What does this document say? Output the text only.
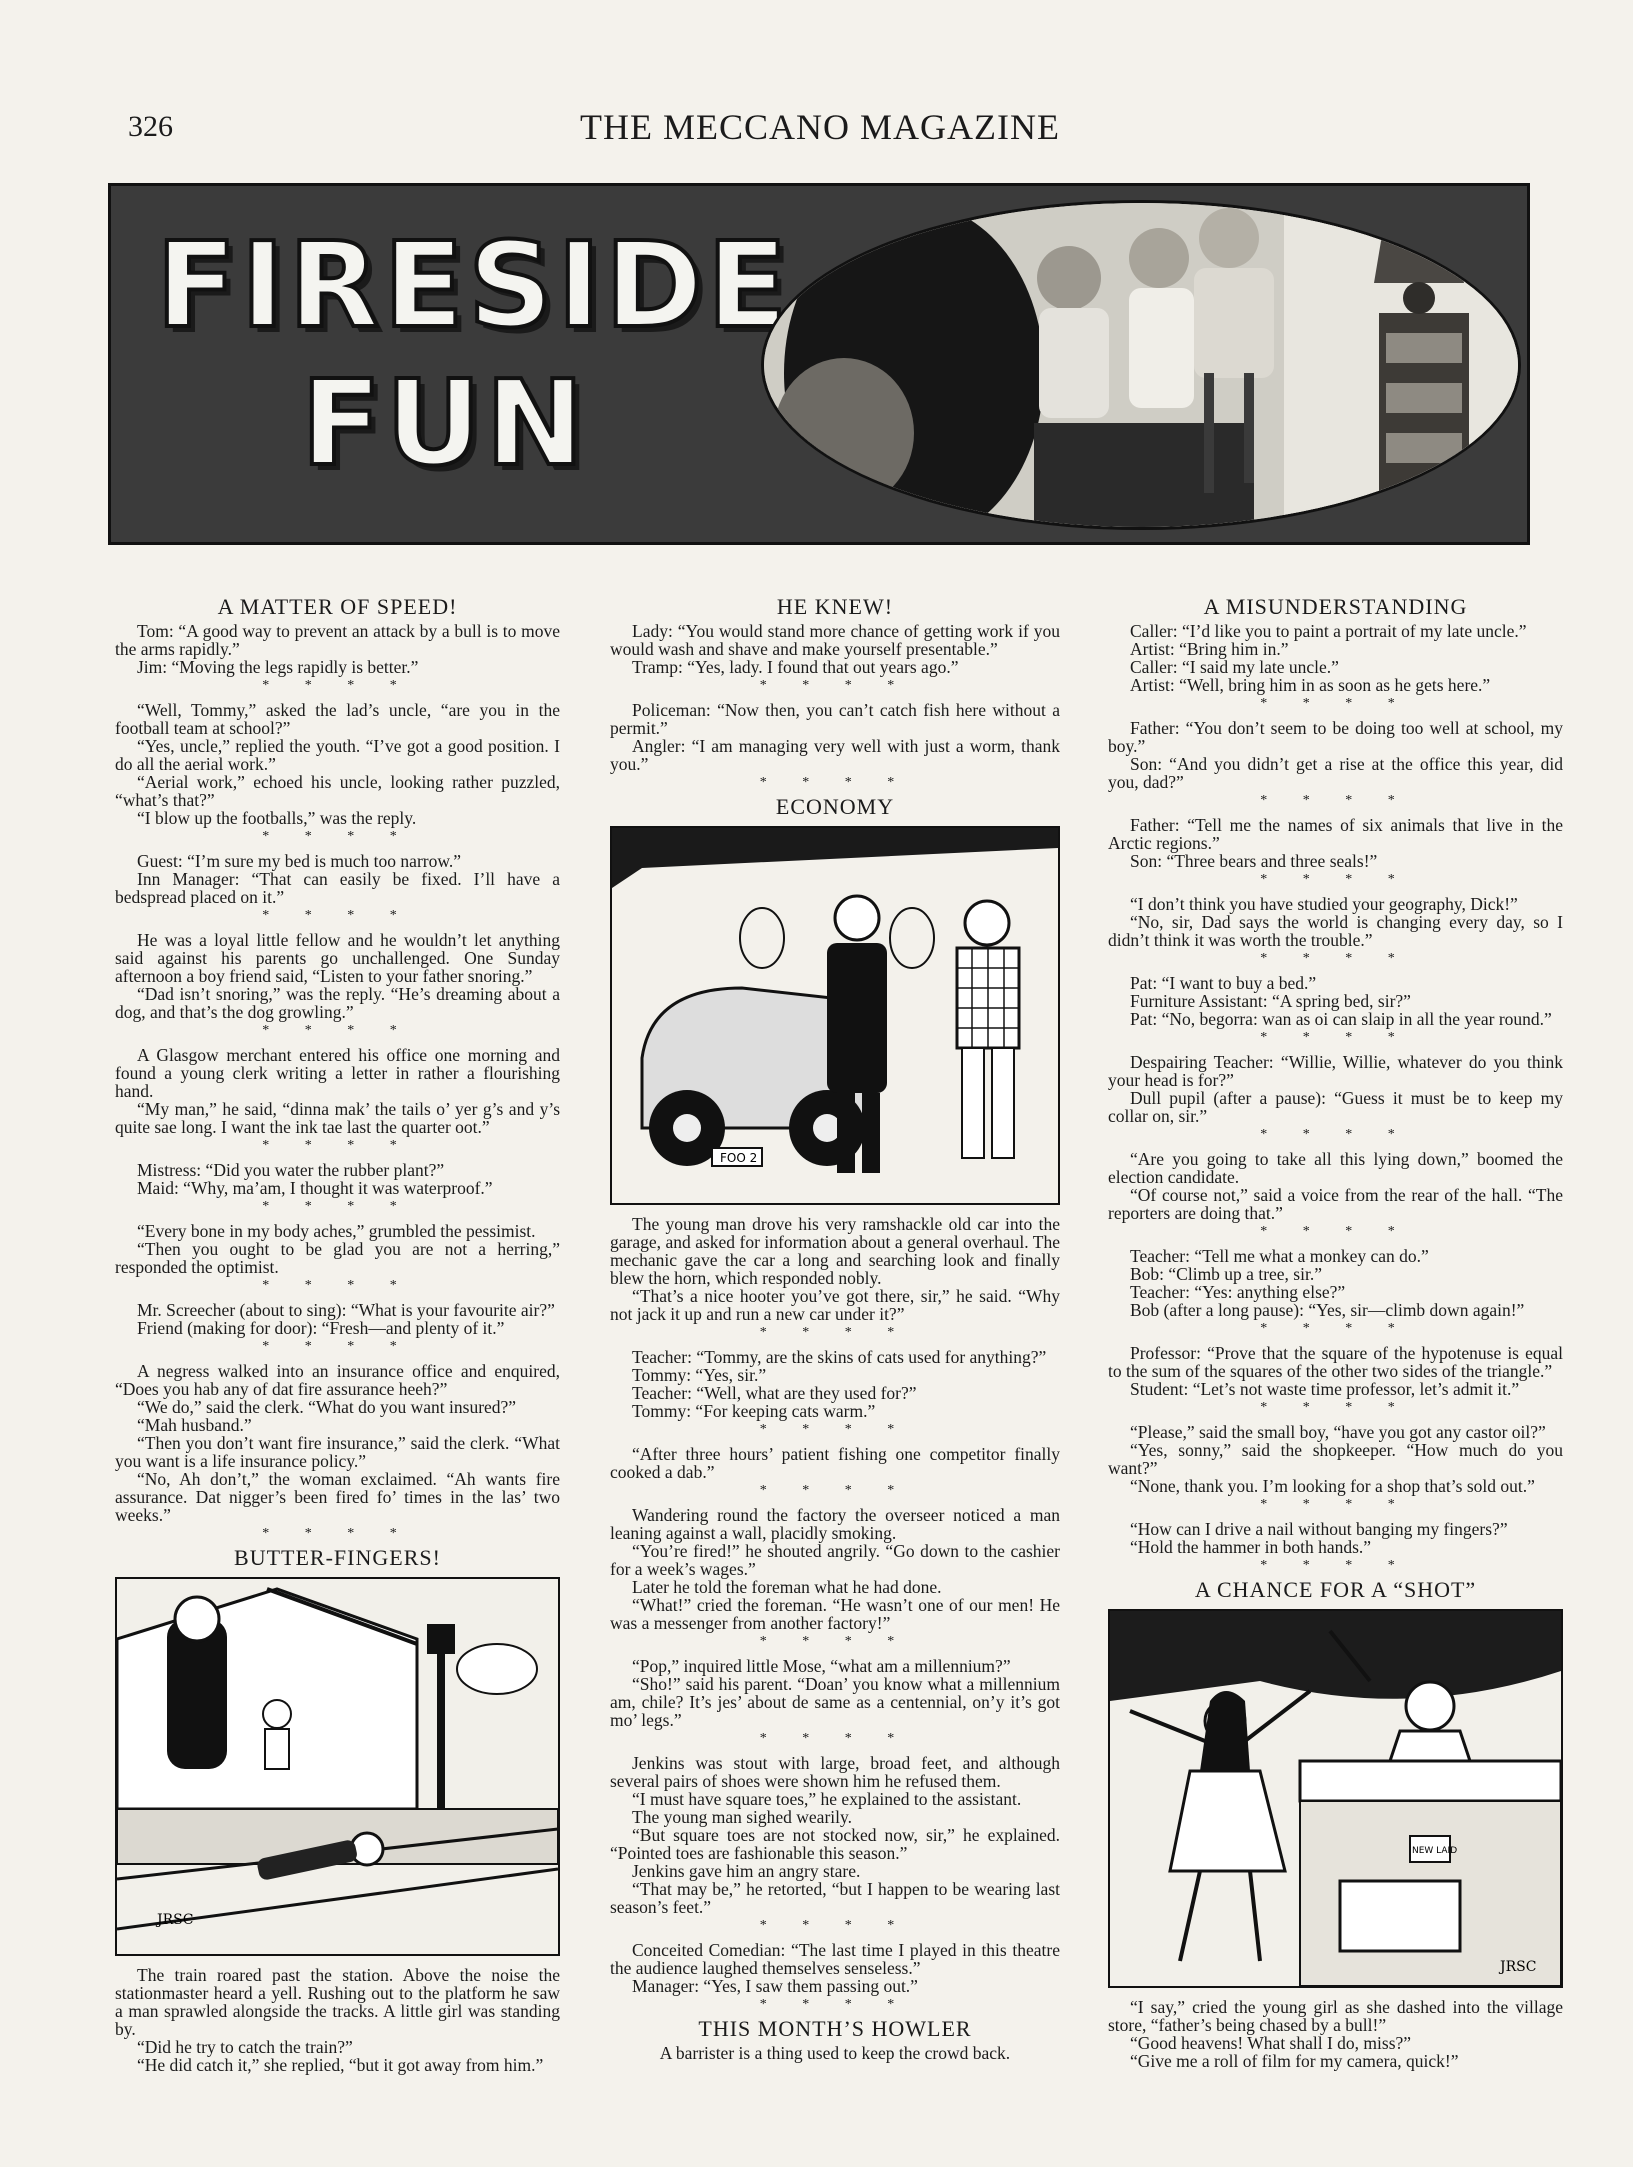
326	THE MECCANO MAGAZINE
FIRESIDE
FUN
A MATTER OF SPEED!

Tom: “A good way to prevent an attack by a bull is to move the arms rapidly.”

Jim: “Moving the legs rapidly is better.”

* * * *

“Well, Tommy,” asked the lad’s uncle, “are you in the football team at school?”

“Yes, uncle,” replied the youth. “I’ve got a good position. I do all the aerial work.”

“Aerial work,” echoed his uncle, looking rather puzzled, “what’s that?”

“I blow up the footballs,” was the reply.

* * * *

Guest: “I’m sure my bed is much too narrow.”

Inn Manager: “That can easily be fixed. I’ll have a bedspread placed on it.”

* * * *

He was a loyal little fellow and he wouldn’t let anything said against his parents go unchallenged. One Sunday afternoon a boy friend said, “Listen to your father snoring.”

“Dad isn’t snoring,” was the reply. “He’s dreaming about a dog, and that’s the dog growling.”

* * * *

A Glasgow merchant entered his office one morning and found a young clerk writing a letter in rather a flourishing hand.

“My man,” he said, “dinna mak’ the tails o’ yer g’s and y’s quite sae long. I want the ink tae last the quarter oot.”

* * * *

Mistress: “Did you water the rubber plant?”

Maid: “Why, ma’am, I thought it was waterproof.”

* * * *

“Every bone in my body aches,” grumbled the pessimist.

“Then you ought to be glad you are not a herring,” responded the optimist.

* * * *

Mr. Screecher (about to sing): “What is your favourite air?”

Friend (making for door): “Fresh—and plenty of it.”

* * * *

A negress walked into an insurance office and enquired, “Does you hab any of dat fire assurance heeh?”

“We do,” said the clerk. “What do you want insured?”

“Mah husband.”

“Then you don’t want fire insurance,” said the clerk. “What you want is a life insurance policy.”

“No, Ah don’t,” the woman exclaimed. “Ah wants fire assurance. Dat nigger’s been fired fo’ times in the las’ two weeks.”

* * * *
BUTTER-FINGERS!
JRSC

The train roared past the station. Above the noise the stationmaster heard a yell. Rushing out to the platform he saw a man sprawled alongside the tracks. A little girl was standing by.

“Did he try to catch the train?”

“He did catch it,” she replied, “but it got away from him.”

HE KNEW!

Lady: “You would stand more chance of getting work if you would wash and shave and make yourself presentable.”

Tramp: “Yes, lady. I found that out years ago.”

* * * *

Policeman: “Now then, you can’t catch fish here without a permit.”

Angler: “I am managing very well with just a worm, thank you.”

* * * *
ECONOMY
FOO 2

The young man drove his very ramshackle old car into the garage, and asked for information about a general overhaul. The mechanic gave the car a long and searching look and finally blew the horn, which responded nobly.

“That’s a nice hooter you’ve got there, sir,” he said. “Why not jack it up and run a new car under it?”

* * * *

Teacher: “Tommy, are the skins of cats used for anything?”

Tommy: “Yes, sir.”

Teacher: “Well, what are they used for?”

Tommy: “For keeping cats warm.”

* * * *

“After three hours’ patient fishing one competitor finally cooked a dab.”

* * * *

Wandering round the factory the overseer noticed a man leaning against a wall, placidly smoking.

“You’re fired!” he shouted angrily. “Go down to the cashier for a week’s wages.”

Later he told the foreman what he had done.

“What!” cried the foreman. “He wasn’t one of our men! He was a messenger from another factory!”

* * * *

“Pop,” inquired little Mose, “what am a millennium?”

“Sho!” said his parent. “Doan’ you know what a millennium am, chile? It’s jes’ about de same as a centennial, on’y it’s got mo’ legs.”

* * * *

Jenkins was stout with large, broad feet, and although several pairs of shoes were shown him he refused them.

“I must have square toes,” he explained to the assistant.

The young man sighed wearily.

“But square toes are not stocked now, sir,” he explained. “Pointed toes are fashionable this season.”

Jenkins gave him an angry stare.

“That may be,” he retorted, “but I happen to be wearing last season’s feet.”

* * * *

Conceited Comedian: “The last time I played in this theatre the audience laughed themselves senseless.”

Manager: “Yes, I saw them passing out.”

* * * *
THIS MONTH’S HOWLER

A barrister is a thing used to keep the crowd back.

A MISUNDERSTANDING

Caller: “I’d like you to paint a portrait of my late uncle.”

Artist: “Bring him in.”

Caller: “I said my late uncle.”

Artist: “Well, bring him in as soon as he gets here.”

* * * *

Father: “You don’t seem to be doing too well at school, my boy.”

Son: “And you didn’t get a rise at the office this year, did you, dad?”

* * * *

Father: “Tell me the names of six animals that live in the Arctic regions.”

Son: “Three bears and three seals!”

* * * *

“I don’t think you have studied your geography, Dick!”

“No, sir, Dad says the world is changing every day, so I didn’t think it was worth the trouble.”

* * * *

Pat: “I want to buy a bed.”

Furniture Assistant: “A spring bed, sir?”

Pat: “No, begorra: wan as oi can slaip in all the year round.”

* * * *

Despairing Teacher: “Willie, Willie, whatever do you think your head is for?”

Dull pupil (after a pause): “Guess it must be to keep my collar on, sir.”

* * * *

“Are you going to take all this lying down,” boomed the election candidate.

“Of course not,” said a voice from the rear of the hall. “The reporters are doing that.”

* * * *

Teacher: “Tell me what a monkey can do.”

Bob: “Climb up a tree, sir.”

Teacher: “Yes: anything else?”

Bob (after a long pause): “Yes, sir—climb down again!”

* * * *

Professor: “Prove that the square of the hypotenuse is equal to the sum of the squares of the other two sides of the triangle.”

Student: “Let’s not waste time professor, let’s admit it.”

* * * *

“Please,” said the small boy, “have you got any castor oil?”

“Yes, sonny,” said the shopkeeper. “How much do you want?”

“None, thank you. I’m looking for a shop that’s sold out.”

* * * *

“How can I drive a nail without banging my fingers?”

“Hold the hammer in both hands.”

* * * *
A CHANCE FOR A “SHOT”
NEW LAID
JRSC

“I say,” cried the young girl as she dashed into the village store, “father’s being chased by a bull!”

“Good heavens! What shall I do, miss?”

“Give me a roll of film for my camera, quick!”
